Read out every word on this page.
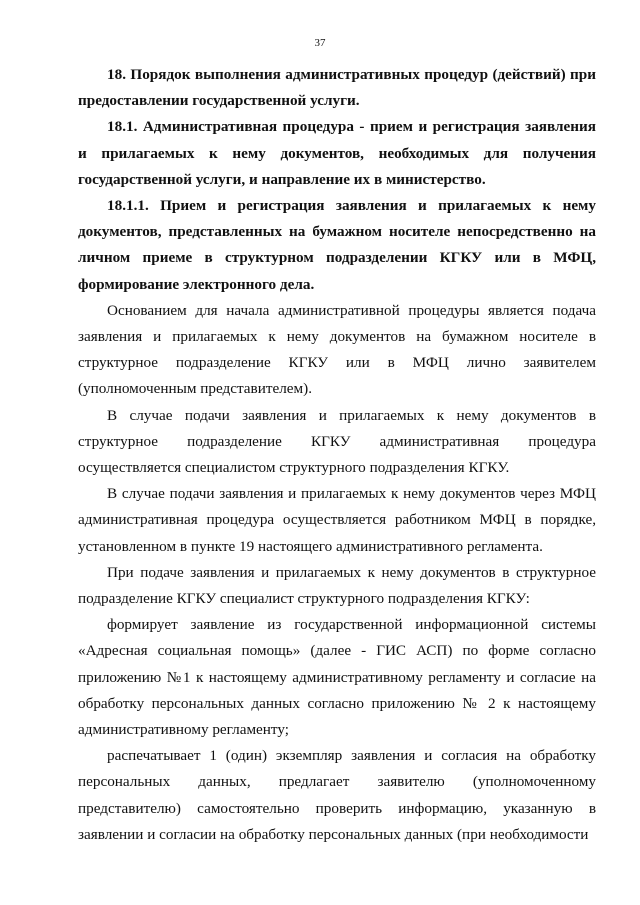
37

18. Порядок выполнения административных процедур (действий) при предоставлении государственной услуги.

18.1. Административная процедура - прием и регистрация заявления и прилагаемых к нему документов, необходимых для получения государственной услуги, и направление их в министерство.

18.1.1. Прием и регистрация заявления и прилагаемых к нему документов, представленных на бумажном носителе непосредственно на личном приеме в структурном подразделении КГКУ или в МФЦ, формирование электронного дела.

Основанием для начала административной процедуры является подача заявления и прилагаемых к нему документов на бумажном носителе в структурное подразделение КГКУ или в МФЦ лично заявителем (уполномоченным представителем).

В случае подачи заявления и прилагаемых к нему документов в структурное подразделение КГКУ административная процедура осуществляется специалистом структурного подразделения КГКУ.

В случае подачи заявления и прилагаемых к нему документов через МФЦ административная процедура осуществляется работником МФЦ в порядке, установленном в пункте 19 настоящего административного регламента.

При подаче заявления и прилагаемых к нему документов в структурное подразделение КГКУ специалист структурного подразделения КГКУ:

формирует заявление из государственной информационной системы «Адресная социальная помощь» (далее - ГИС АСП) по форме согласно приложению №1 к настоящему административному регламенту и согласие на обработку персональных данных согласно приложению № 2 к настоящему административному регламенту;

распечатывает 1 (один) экземпляр заявления и согласия на обработку персональных данных, предлагает заявителю (уполномоченному представителю) самостоятельно проверить информацию, указанную в заявлении и согласии на обработку персональных данных (при необходимости
